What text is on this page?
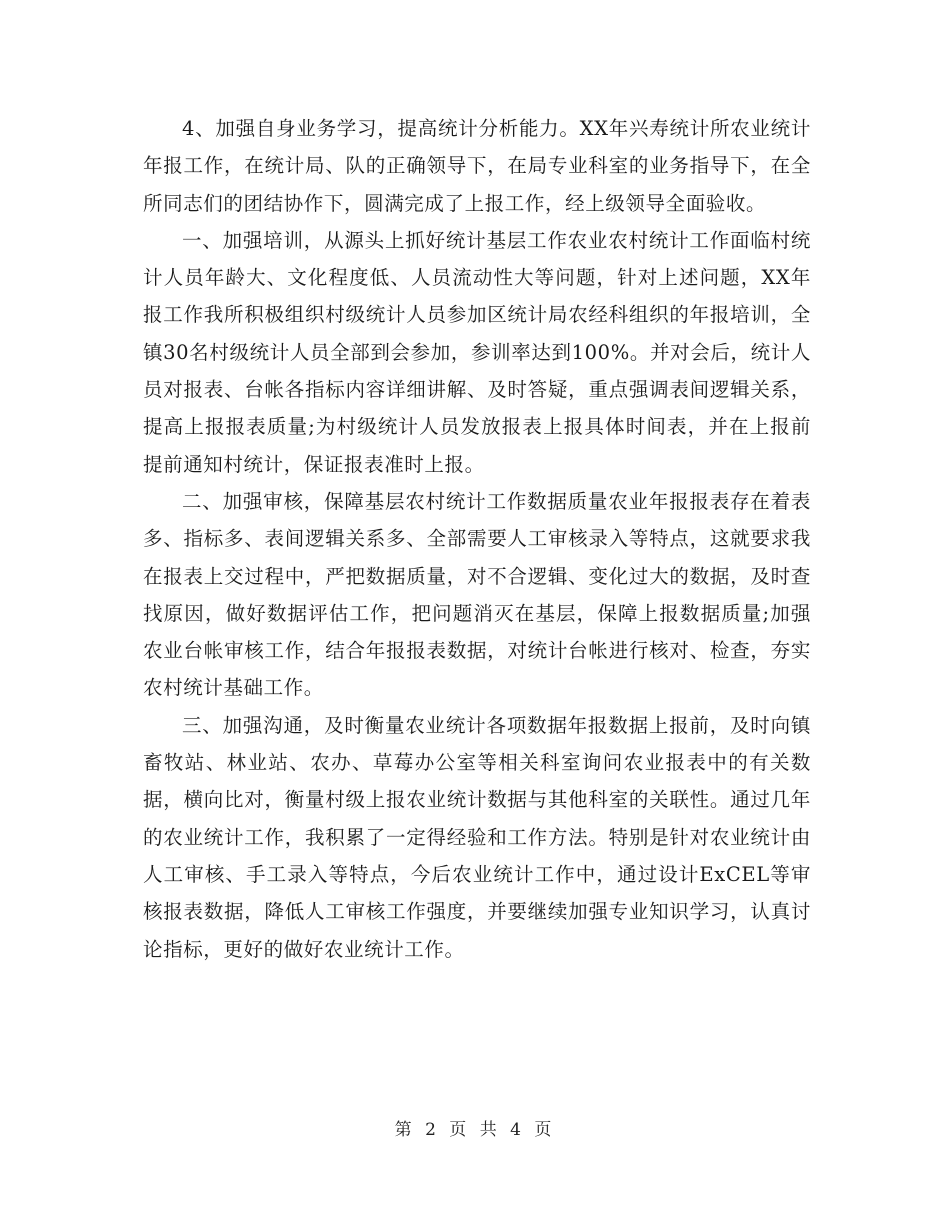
4、加强自身业务学习，提高统计分析能力。XX年兴寿统计所农业统计年报工作，在统计局、队的正确领导下，在局专业科室的业务指导下，在全所同志们的团结协作下，圆满完成了上报工作，经上级领导全面验收。

一、加强培训，从源头上抓好统计基层工作农业农村统计工作面临村统计人员年龄大、文化程度低、人员流动性大等问题，针对上述问题，XX年报工作我所积极组织村级统计人员参加区统计局农经科组织的年报培训，全镇30名村级统计人员全部到会参加，参训率达到100%。并对会后，统计人员对报表、台帐各指标内容详细讲解、及时答疑，重点强调表间逻辑关系，提高上报报表质量;为村级统计人员发放报表上报具体时间表，并在上报前提前通知村统计，保证报表准时上报。

二、加强审核，保障基层农村统计工作数据质量农业年报报表存在着表多、指标多、表间逻辑关系多、全部需要人工审核录入等特点，这就要求我在报表上交过程中，严把数据质量，对不合逻辑、变化过大的数据，及时查找原因，做好数据评估工作，把问题消灭在基层，保障上报数据质量;加强农业台帐审核工作，结合年报报表数据，对统计台帐进行核对、检查，夯实农村统计基础工作。

三、加强沟通，及时衡量农业统计各项数据年报数据上报前，及时向镇畜牧站、林业站、农办、草莓办公室等相关科室询问农业报表中的有关数据，横向比对，衡量村级上报农业统计数据与其他科室的关联性。通过几年的农业统计工作，我积累了一定得经验和工作方法。特别是针对农业统计由人工审核、手工录入等特点，今后农业统计工作中，通过设计ExCEL等审核报表数据，降低人工审核工作强度，并要继续加强专业知识学习，认真讨论指标，更好的做好农业统计工作。

第 2 页 共 4 页
